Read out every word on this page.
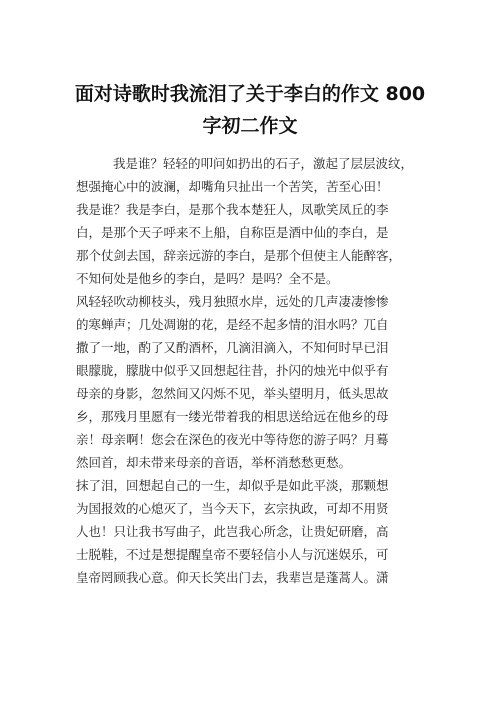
面对诗歌时我流泪了关于李白的作文 800
字初二作文
我是谁？轻轻的叩问如扔出的石子，激起了层层波纹，
想强掩心中的波澜，却嘴角只扯出一个苦笑，苦至心田！
我是谁？我是李白，是那个我本楚狂人，凤歌笑凤丘的李
白，是那个天子呼来不上船，自称臣是酒中仙的李白，是
那个仗剑去国，辞亲远游的李白，是那个但使主人能醉客，
不知何处是他乡的李白，是吗？是吗？全不是。
风轻轻吹动柳枝头，残月独照水岸，远处的几声凄凄惨惨
的寒蝉声；几处凋谢的花，是经不起多情的泪水吗？兀自
撒了一地，酌了又酌酒杯，几滴泪滴入，不知何时早已泪
眼朦胧，朦胧中似乎又回想起往昔，扑闪的烛光中似乎有
母亲的身影，忽然间又闪烁不见，举头望明月，低头思故
乡，那残月里愿有一缕光带着我的相思送给远在他乡的母
亲！母亲啊！您会在深色的夜光中等待您的游子吗？月蓦
然回首，却未带来母亲的音语，举杯消愁愁更愁。
抹了泪，回想起自己的一生，却似乎是如此平淡，那颗想
为国报效的心熄灭了，当今天下，玄宗执政，可却不用贤
人也！只让我书写曲子，此岂我心所念，让贵妃研磨，高
士脱鞋，不过是想提醒皇帝不要轻信小人与沉迷娱乐，可
皇帝罔顾我心意。仰天长笑出门去，我辈岂是蓬蒿人。潇
